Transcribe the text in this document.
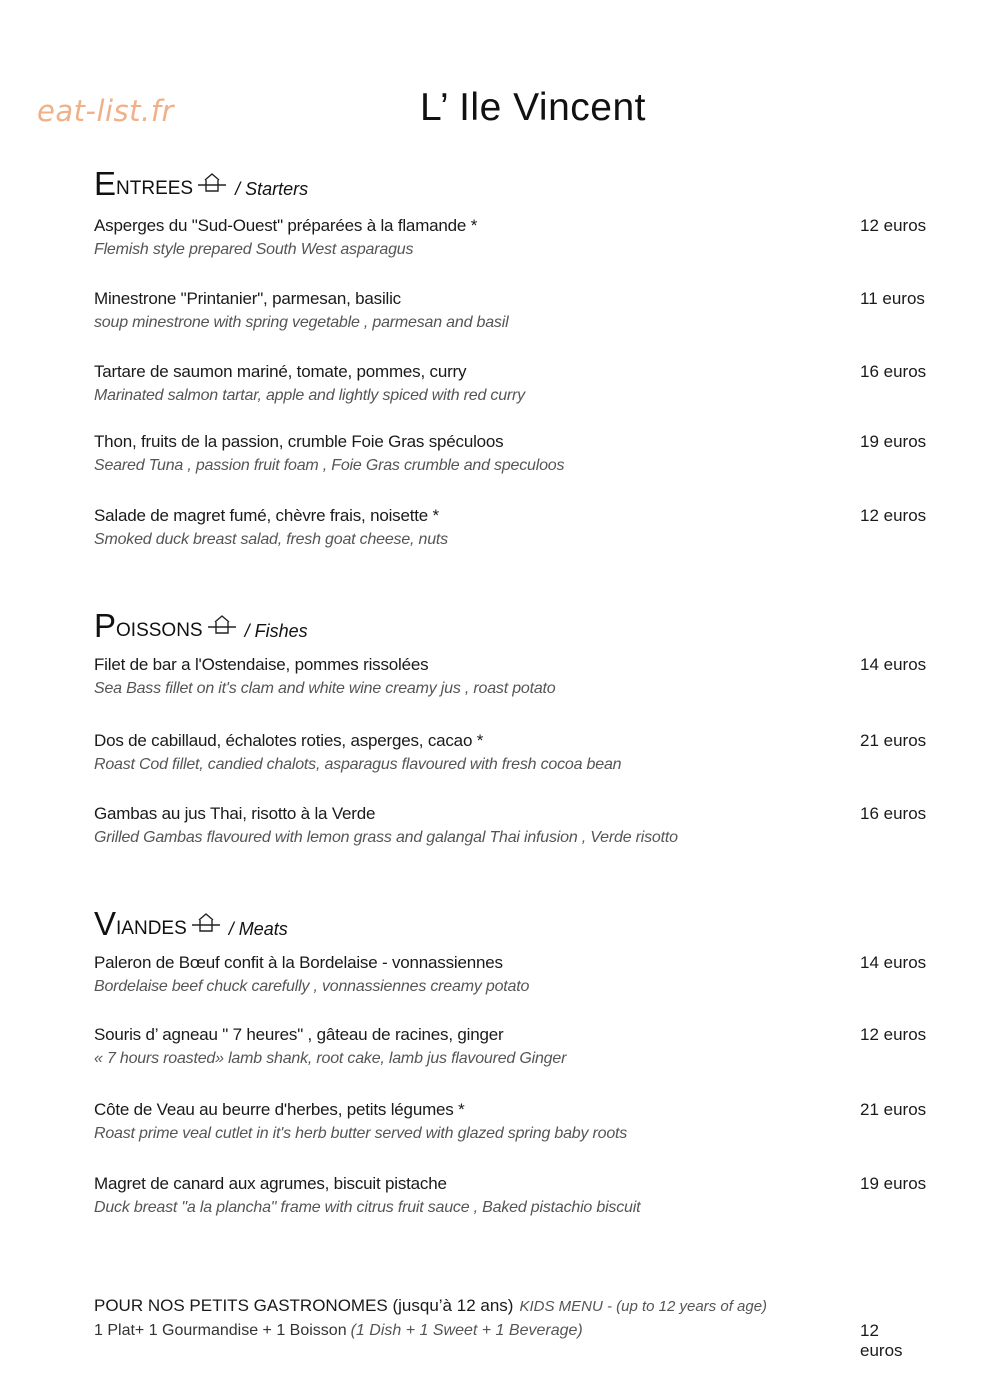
eat-list.fr	L’ Ile Vincent
E NTREES / Starters
Asperges du "Sud-Ouest" préparées à la flamande *
Flemish style prepared South West asparagus
12 euros
Minestrone "Printanier", parmesan, basilic
soup minestrone with spring vegetable , parmesan and basil
11 euros
Tartare de saumon mariné, tomate, pommes, curry
Marinated salmon tartar, apple and lightly spiced with red curry
16 euros
Thon, fruits de la passion, crumble Foie Gras spéculoos
Seared Tuna , passion fruit foam , Foie Gras crumble and speculoos
19 euros
Salade de magret fumé, chèvre frais, noisette *
Smoked duck breast salad, fresh goat cheese, nuts
12 euros
P OISSONS / Fishes
Filet de bar a l'Ostendaise, pommes rissolées
Sea Bass fillet on it's clam and white wine creamy jus , roast potato
14 euros
Dos de cabillaud, échalotes roties, asperges, cacao *
Roast Cod fillet, candied chalots, asparagus flavoured with fresh cocoa bean
21 euros
Gambas au jus Thai, risotto à la Verde
Grilled Gambas flavoured with lemon grass and galangal Thai infusion , Verde risotto
16 euros
V IANDES / Meats
Paleron de Bœuf confit à la Bordelaise - vonnassiennes
Bordelaise beef chuck carefully , vonnassiennes creamy potato
14 euros
Souris d’ agneau " 7 heures" , gâteau de racines, ginger
« 7 hours roasted» lamb shank, root cake, lamb jus flavoured Ginger
12 euros
Côte de Veau au beurre d'herbes, petits légumes *
Roast prime veal cutlet in it's herb butter served with glazed spring baby roots
21 euros
Magret de canard aux agrumes, biscuit pistache
Duck breast "a la plancha" frame with citrus fruit sauce , Baked pistachio biscuit
19 euros
POUR NOS PETITS GASTRONOMES (jusqu’à 12 ans) KIDS MENU - (up to 12 years of age)
1 Plat+ 1 Gourmandise + 1 Boisson (1 Dish + 1 Sweet + 1 Beverage)	12 euros
